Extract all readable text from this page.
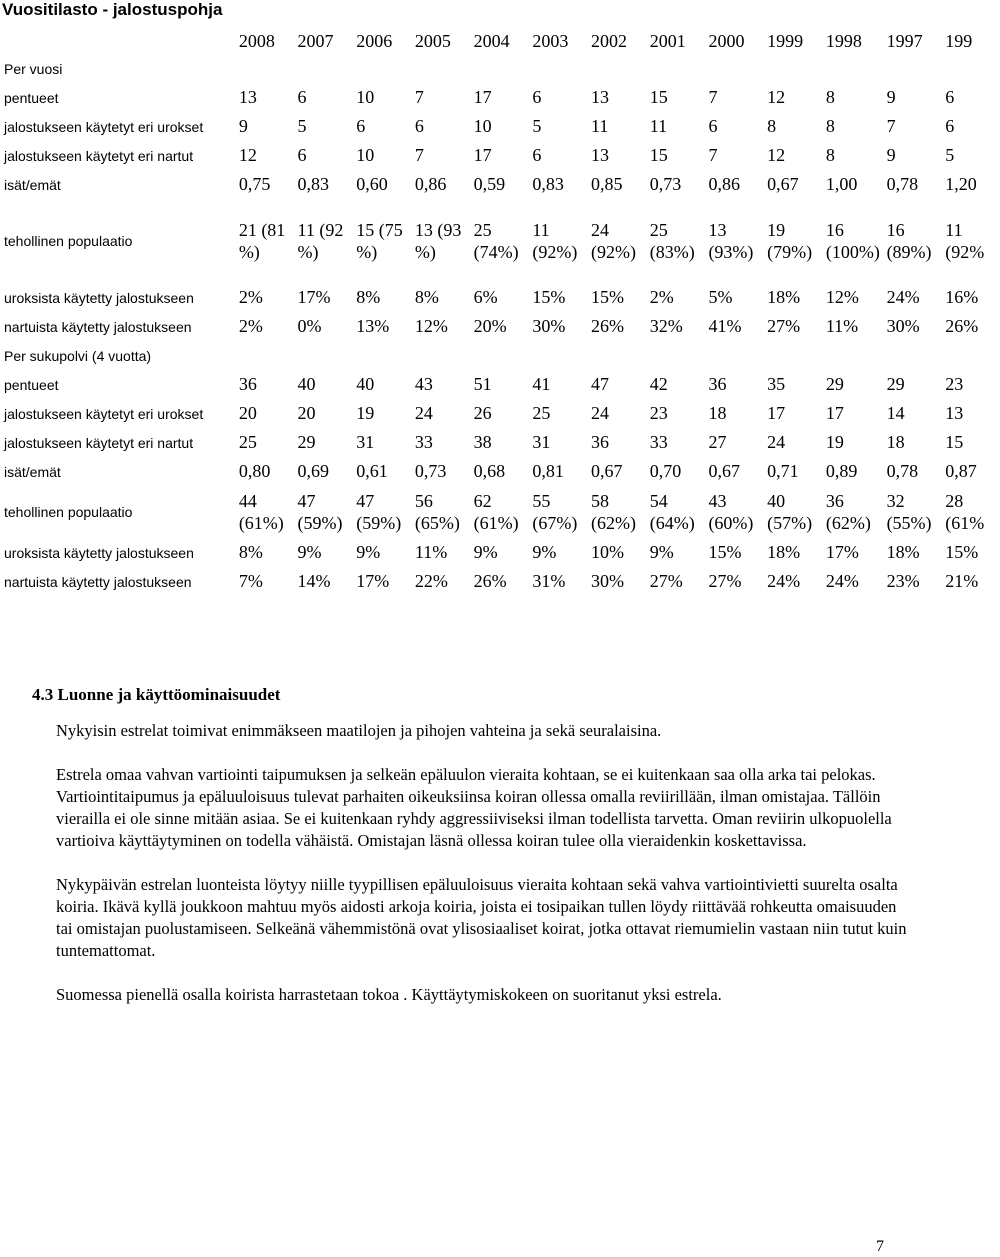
Vuositilasto - jalostuspohja
	2008	2007	2006	2005	2004	2003	2002	2001	2000	1999	1998	1997	199
Per vuosi													
pentueet	13	6	10	7	17	6	13	15	7	12	8	9	6
jalostukseen käytetyt eri urokset	9	5	6	6	10	5	11	11	6	8	8	7	6
jalostukseen käytetyt eri nartut	12	6	10	7	17	6	13	15	7	12	8	9	5
isät/emät	0,75	0,83	0,60	0,86	0,59	0,83	0,85	0,73	0,86	0,67	1,00	0,78	1,20
tehollinen populaatio	21 (81 %)	11 (92 %)	15 (75 %)	13 (93 %)	25 (74%)	11 (92%)	24 (92%)	25 (83%)	13 (93%)	19 (79%)	16 (100%)	16 (89%)	11 (92%
uroksista käytetty jalostukseen	2%	17%	8%	8%	6%	15%	15%	2%	5%	18%	12%	24%	16%
nartuista käytetty jalostukseen	2%	0%	13%	12%	20%	30%	26%	32%	41%	27%	11%	30%	26%
Per sukupolvi (4 vuotta)													
pentueet	36	40	40	43	51	41	47	42	36	35	29	29	23
jalostukseen käytetyt eri urokset	20	20	19	24	26	25	24	23	18	17	17	14	13
jalostukseen käytetyt eri nartut	25	29	31	33	38	31	36	33	27	24	19	18	15
isät/emät	0,80	0,69	0,61	0,73	0,68	0,81	0,67	0,70	0,67	0,71	0,89	0,78	0,87
tehollinen populaatio	44 (61%)	47 (59%)	47 (59%)	56 (65%)	62 (61%)	55 (67%)	58 (62%)	54 (64%)	43 (60%)	40 (57%)	36 (62%)	32 (55%)	28 (61%
uroksista käytetty jalostukseen	8%	9%	9%	11%	9%	9%	10%	9%	15%	18%	17%	18%	15%
nartuista käytetty jalostukseen	7%	14%	17%	22%	26%	31%	30%	27%	27%	24%	24%	23%	21%
4.3 Luonne ja käyttöominaisuudet

Nykyisin estrelat toimivat enimmäkseen maatilojen ja pihojen vahteina ja sekä seuralaisina.

Estrela omaa vahvan vartiointi taipumuksen ja selkeän epäluulon vieraita kohtaan, se ei kuitenkaan saa olla arka tai pelokas. Vartiointitaipumus ja epäluuloisuus tulevat parhaiten oikeuksiinsa koiran ollessa omalla reviirillään, ilman omistajaa. Tällöin vierailla ei ole sinne mitään asiaa. Se ei kuitenkaan ryhdy aggressiiviseksi ilman todellista tarvetta. Oman reviirin ulkopuolella vartioiva käyttäytyminen on todella vähäistä. Omistajan läsnä ollessa koiran tulee olla vieraidenkin koskettavissa.

Nykypäivän estrelan luonteista löytyy niille tyypillisen epäluuloisuus vieraita kohtaan sekä vahva vartiointivietti suurelta osalta koiria. Ikävä kyllä joukkoon mahtuu myös aidosti arkoja koiria, joista ei tosipaikan tullen löydy riittävää rohkeutta omaisuuden tai omistajan puolustamiseen. Selkeänä vähemmistönä ovat ylisosiaaliset koirat, jotka ottavat riemumielin vastaan niin tutut kuin tuntemattomat.

Suomessa pienellä osalla koirista harrastetaan tokoa . Käyttäytymiskokeen on suoritanut yksi estrela.

7
